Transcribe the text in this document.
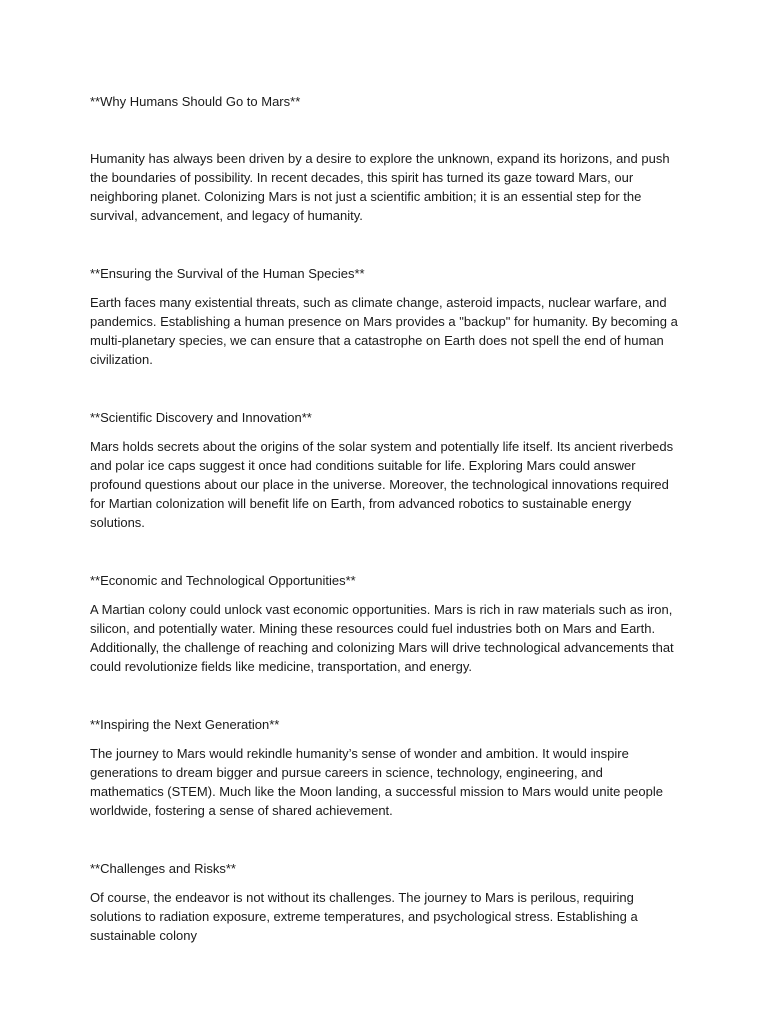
**Why Humans Should Go to Mars**

Humanity has always been driven by a desire to explore the unknown, expand its horizons, and push the boundaries of possibility. In recent decades, this spirit has turned its gaze toward Mars, our neighboring planet. Colonizing Mars is not just a scientific ambition; it is an essential step for the survival, advancement, and legacy of humanity.

**Ensuring the Survival of the Human Species**

Earth faces many existential threats, such as climate change, asteroid impacts, nuclear warfare, and pandemics. Establishing a human presence on Mars provides a "backup" for humanity. By becoming a multi-planetary species, we can ensure that a catastrophe on Earth does not spell the end of human civilization.

**Scientific Discovery and Innovation**

Mars holds secrets about the origins of the solar system and potentially life itself. Its ancient riverbeds and polar ice caps suggest it once had conditions suitable for life. Exploring Mars could answer profound questions about our place in the universe. Moreover, the technological innovations required for Martian colonization will benefit life on Earth, from advanced robotics to sustainable energy solutions.

**Economic and Technological Opportunities**

A Martian colony could unlock vast economic opportunities. Mars is rich in raw materials such as iron, silicon, and potentially water. Mining these resources could fuel industries both on Mars and Earth. Additionally, the challenge of reaching and colonizing Mars will drive technological advancements that could revolutionize fields like medicine, transportation, and energy.

**Inspiring the Next Generation**

The journey to Mars would rekindle humanity’s sense of wonder and ambition. It would inspire generations to dream bigger and pursue careers in science, technology, engineering, and mathematics (STEM). Much like the Moon landing, a successful mission to Mars would unite people worldwide, fostering a sense of shared achievement.

**Challenges and Risks**

Of course, the endeavor is not without its challenges. The journey to Mars is perilous, requiring solutions to radiation exposure, extreme temperatures, and psychological stress. Establishing a sustainable colony
